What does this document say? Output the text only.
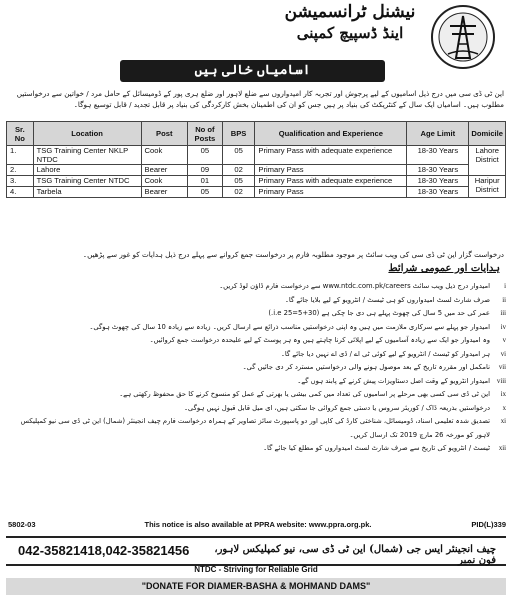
نیشنل ٹرانسمیشن
اینڈ ڈسپیچ کمپنی
اسامیاں خالی ہیں
این ٹی ڈی سی میں درج ذیل اسامیوں کے لیے پرجوش اور تجربہ کار امیدواروں سے ضلع لاہور اور ضلع ہری پور کے ڈومیسائل کے حامل مرد / خواتین سے درخواستیں مطلوب ہیں۔ اسامیاں ایک سال کے کنٹریکٹ کی بنیاد پر ہیں جس کو ان کی اطمینان بخش کارکردگی کی بنیاد پر قابل تجدید / قابل توسیع ہوگا۔
Sr. No	Location	Post	No of Posts	BPS	Qualification and Experience	Age Limit	Domicile
1.	TSG Training Center NKLP NTDC	Cook	05	05	Primary Pass with adequate experience	18-30 Years	Lahore District
2.	Lahore	Bearer	09	02	Primary Pass	18-30 Years	
3.	TSG Training Center NTDC	Cook	01	05	Primary Pass with adequate experience	18-30 Years	Haripur District
4.	Tarbela	Bearer	05	02	Primary Pass	18-30 Years	
درخواست گزار این ٹی ڈی سی کی ویب سائٹ پر موجود مطلوبہ فارم پر درخواست جمع کروانے سے پہلے درج ذیل ہدایات کو غور سے پڑھیں۔
ہدایات اور عمومی شرائط
امیدوار درج ذیل ویب سائٹ www.ntdc.com.pk/careers سے درخواست فارم ڈاؤن لوڈ کریں۔	i
صرف شارٹ لسٹ امیدواروں کو ہی ٹیسٹ / انٹرویو کے لیے بلایا جائے گا۔	ii
عمر کی حد میں 5 سال کی چھوٹ پہلے ہی دی جا چکی ہے (30+5=25 i.e.)	iii
امیدوار جو پہلے سے سرکاری ملازمت میں ہیں وہ اپنی درخواستیں مناسب ذرائع سے ارسال کریں۔ زیادہ سے زیادہ 10 سال کی چھوٹ ہوگی۔	iv
وہ امیدوار جو ایک سے زیادہ آسامیوں کے لیے اپلائی کرنا چاہتے ہیں وہ ہر پوسٹ کے لیے علیحدہ درخواست جمع کروائیں۔	v
ہر امیدوار کو ٹیسٹ / انٹرویو کے لیے کوئی ٹی اے / ڈی اے نہیں دیا جائے گا۔	vi
نامکمل اور مقررہ تاریخ کے بعد موصول ہونے والی درخواستیں مسترد کر دی جائیں گی۔	vii
امیدوار انٹرویو کے وقت اصل دستاویزات پیش کرنے کے پابند ہوں گے۔	viii
این ٹی ڈی سی کسی بھی مرحلے پر اسامیوں کی تعداد میں کمی بیشی یا بھرتی کے عمل کو منسوخ کرنے کا حق محفوظ رکھتی ہے۔	ix
درخواستیں بذریعہ ڈاک / کوریئر سروس یا دستی جمع کروائی جا سکتی ہیں، ای میل قابل قبول نہیں ہوگی۔	x
تصدیق شدہ تعلیمی اسناد، ڈومیسائل، شناختی کارڈ کی کاپی اور دو پاسپورٹ سائز تصاویر کے ہمراہ درخواست فارم چیف انجینئر (شمال) این ٹی ڈی سی نیو کمپلیکس لاہور کو مورخہ 26 مارچ 2019 تک ارسال کریں۔
xi
ٹیسٹ / انٹرویو کی تاریخ سے صرف شارٹ لسٹ امیدواروں کو مطلع کیا جائے گا۔	xii
5802-03	This notice is also available at PPRA website: www.ppra.org.pk.	PID(L)339
042-35821418,042-35821456	چیف انجینئر ایس جی (شمال) این ٹی ڈی سی، نیو کمپلیکس لاہور، فون نمبر
NTDC - Striving for Reliable Grid
"DONATE FOR DIAMER-BASHA & MOHMAND DAMS"
